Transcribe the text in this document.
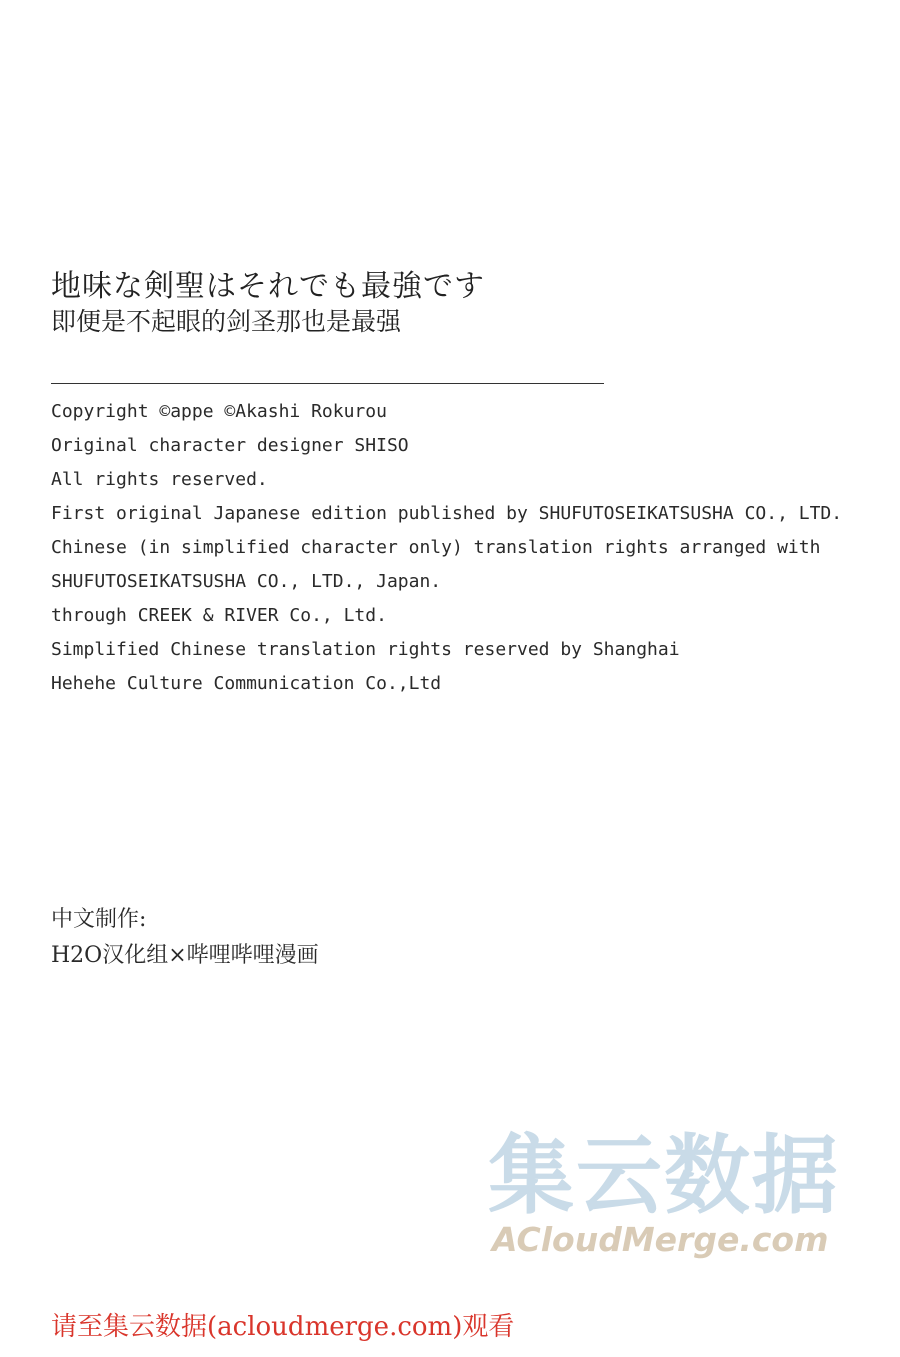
地味な剣聖はそれでも最強です
即便是不起眼的剑圣那也是最强
Copyright ©appe ©Akashi Rokurou
Original character designer SHISO
All rights reserved.
First original Japanese edition published by SHUFUTOSEIKATSUSHA CO., LTD.
Chinese (in simplified character only) translation rights arranged with
SHUFUTOSEIKATSUSHA CO., LTD., Japan.
through CREEK & RIVER Co., Ltd.
Simplified Chinese translation rights reserved by Shanghai
Hehehe Culture Communication Co.,Ltd
中文制作:
H2O汉化组×哔哩哔哩漫画
集云数据
ACloudMerge.com
请至集云数据(acloudmerge.com)观看
